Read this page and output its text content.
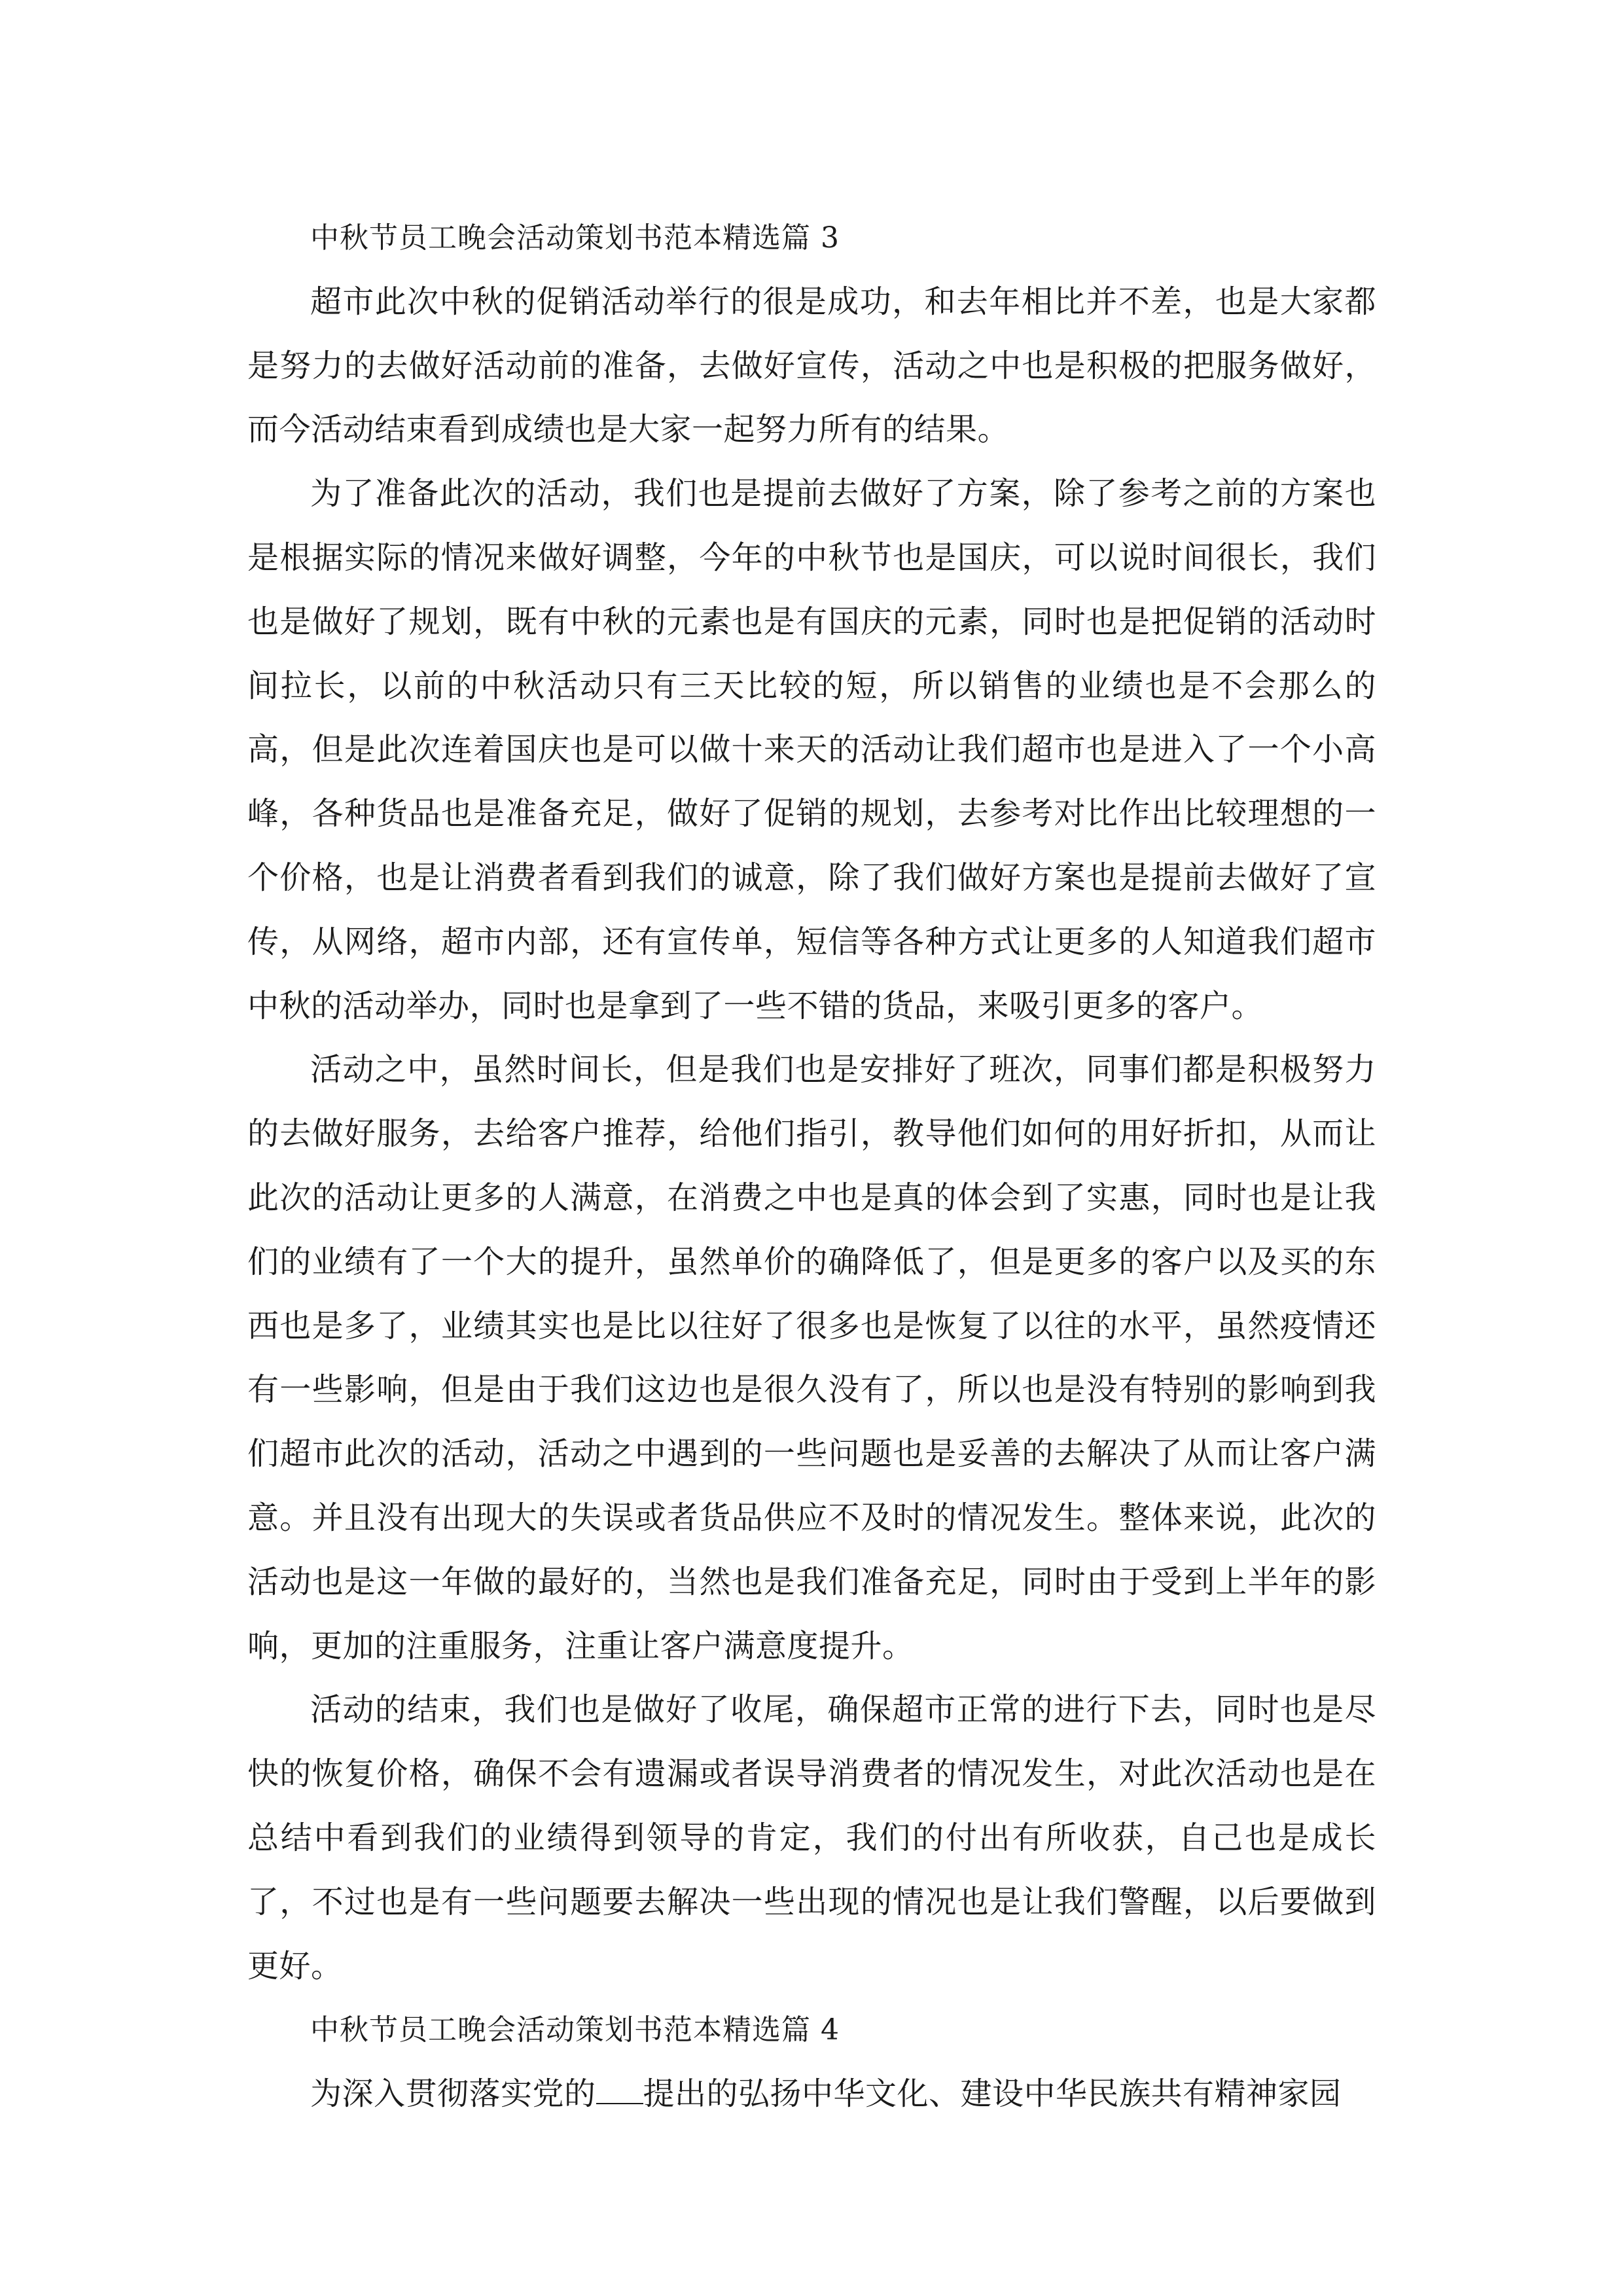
中秋节员工晚会活动策划书范本精选篇 3

超市此次中秋的促销活动举行的很是成功，和去年相比并不差，也是大家都是努力的去做好活动前的准备，去做好宣传，活动之中也是积极的把服务做好，而今活动结束看到成绩也是大家一起努力所有的结果。

为了准备此次的活动，我们也是提前去做好了方案，除了参考之前的方案也是根据实际的情况来做好调整，今年的中秋节也是国庆，可以说时间很长，我们也是做好了规划，既有中秋的元素也是有国庆的元素，同时也是把促销的活动时间拉长，以前的中秋活动只有三天比较的短，所以销售的业绩也是不会那么的高，但是此次连着国庆也是可以做十来天的活动让我们超市也是进入了一个小高峰，各种货品也是准备充足，做好了促销的规划，去参考对比作出比较理想的一个价格，也是让消费者看到我们的诚意，除了我们做好方案也是提前去做好了宣传，从网络，超市内部，还有宣传单，短信等各种方式让更多的人知道我们超市中秋的活动举办，同时也是拿到了一些不错的货品，来吸引更多的客户。

活动之中，虽然时间长，但是我们也是安排好了班次，同事们都是积极努力的去做好服务，去给客户推荐，给他们指引，教导他们如何的用好折扣，从而让此次的活动让更多的人满意，在消费之中也是真的体会到了实惠，同时也是让我们的业绩有了一个大的提升，虽然单价的确降低了，但是更多的客户以及买的东西也是多了，业绩其实也是比以往好了很多也是恢复了以往的水平，虽然疫情还有一些影响，但是由于我们这边也是很久没有了，所以也是没有特别的影响到我们超市此次的活动，活动之中遇到的一些问题也是妥善的去解决了从而让客户满意。并且没有出现大的失误或者货品供应不及时的情况发生。整体来说，此次的活动也是这一年做的最好的，当然也是我们准备充足，同时由于受到上半年的影响，更加的注重服务，注重让客户满意度提升。

活动的结束，我们也是做好了收尾，确保超市正常的进行下去，同时也是尽快的恢复价格，确保不会有遗漏或者误导消费者的情况发生，对此次活动也是在总结中看到我们的业绩得到领导的肯定，我们的付出有所收获，自己也是成长了，不过也是有一些问题要去解决一些出现的情况也是让我们警醒，以后要做到更好。

中秋节员工晚会活动策划书范本精选篇 4

为深入贯彻落实党的 提出的弘扬中华文化、建设中华民族共有精神家园
